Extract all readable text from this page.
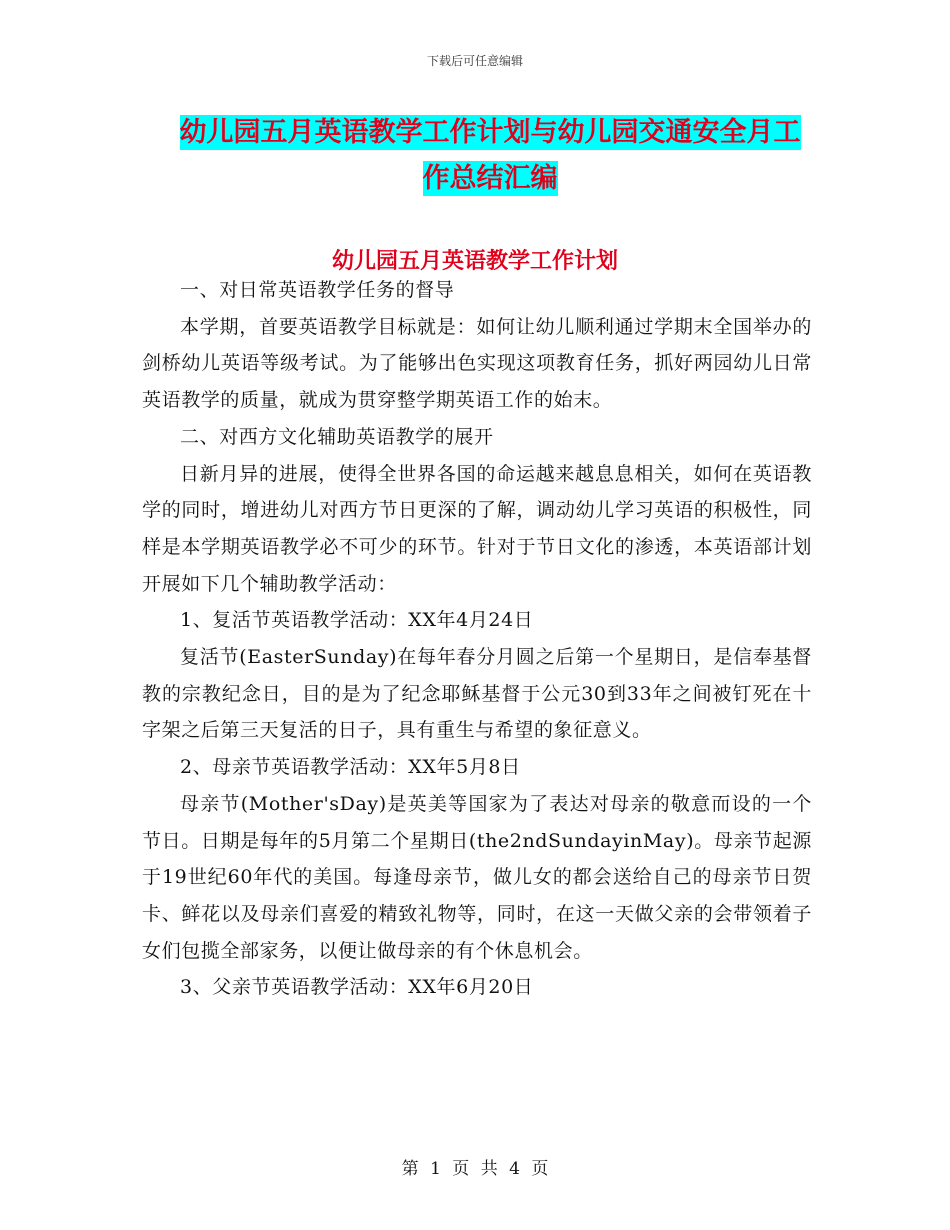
下载后可任意编辑
幼儿园五月英语教学工作计划与幼儿园交通安全月工
作总结汇编
幼儿园五月英语教学工作计划

一、对日常英语教学任务的督导

本学期，首要英语教学目标就是：如何让幼儿顺利通过学期末全国举办的剑桥幼儿英语等级考试。为了能够出色实现这项教育任务，抓好两园幼儿日常英语教学的质量，就成为贯穿整学期英语工作的始末。

二、对西方文化辅助英语教学的展开

日新月异的进展，使得全世界各国的命运越来越息息相关，如何在英语教学的同时，增进幼儿对西方节日更深的了解，调动幼儿学习英语的积极性，同样是本学期英语教学必不可少的环节。针对于节日文化的渗透，本英语部计划开展如下几个辅助教学活动：

1、复活节英语教学活动：XX年4月24日

复活节(EasterSunday)在每年春分月圆之后第一个星期日，是信奉基督教的宗教纪念日，目的是为了纪念耶稣基督于公元30到33年之间被钉死在十字架之后第三天复活的日子，具有重生与希望的象征意义。

2、母亲节英语教学活动：XX年5月8日

母亲节(Mother'sDay)是英美等国家为了表达对母亲的敬意而设的一个节日。日期是每年的5月第二个星期日(the2ndSundayinMay)。母亲节起源于19世纪60年代的美国。每逢母亲节，做儿女的都会送给自己的母亲节日贺卡、鲜花以及母亲们喜爱的精致礼物等，同时，在这一天做父亲的会带领着子女们包揽全部家务，以便让做母亲的有个休息机会。

3、父亲节英语教学活动：XX年6月20日

第 1 页 共 4 页
